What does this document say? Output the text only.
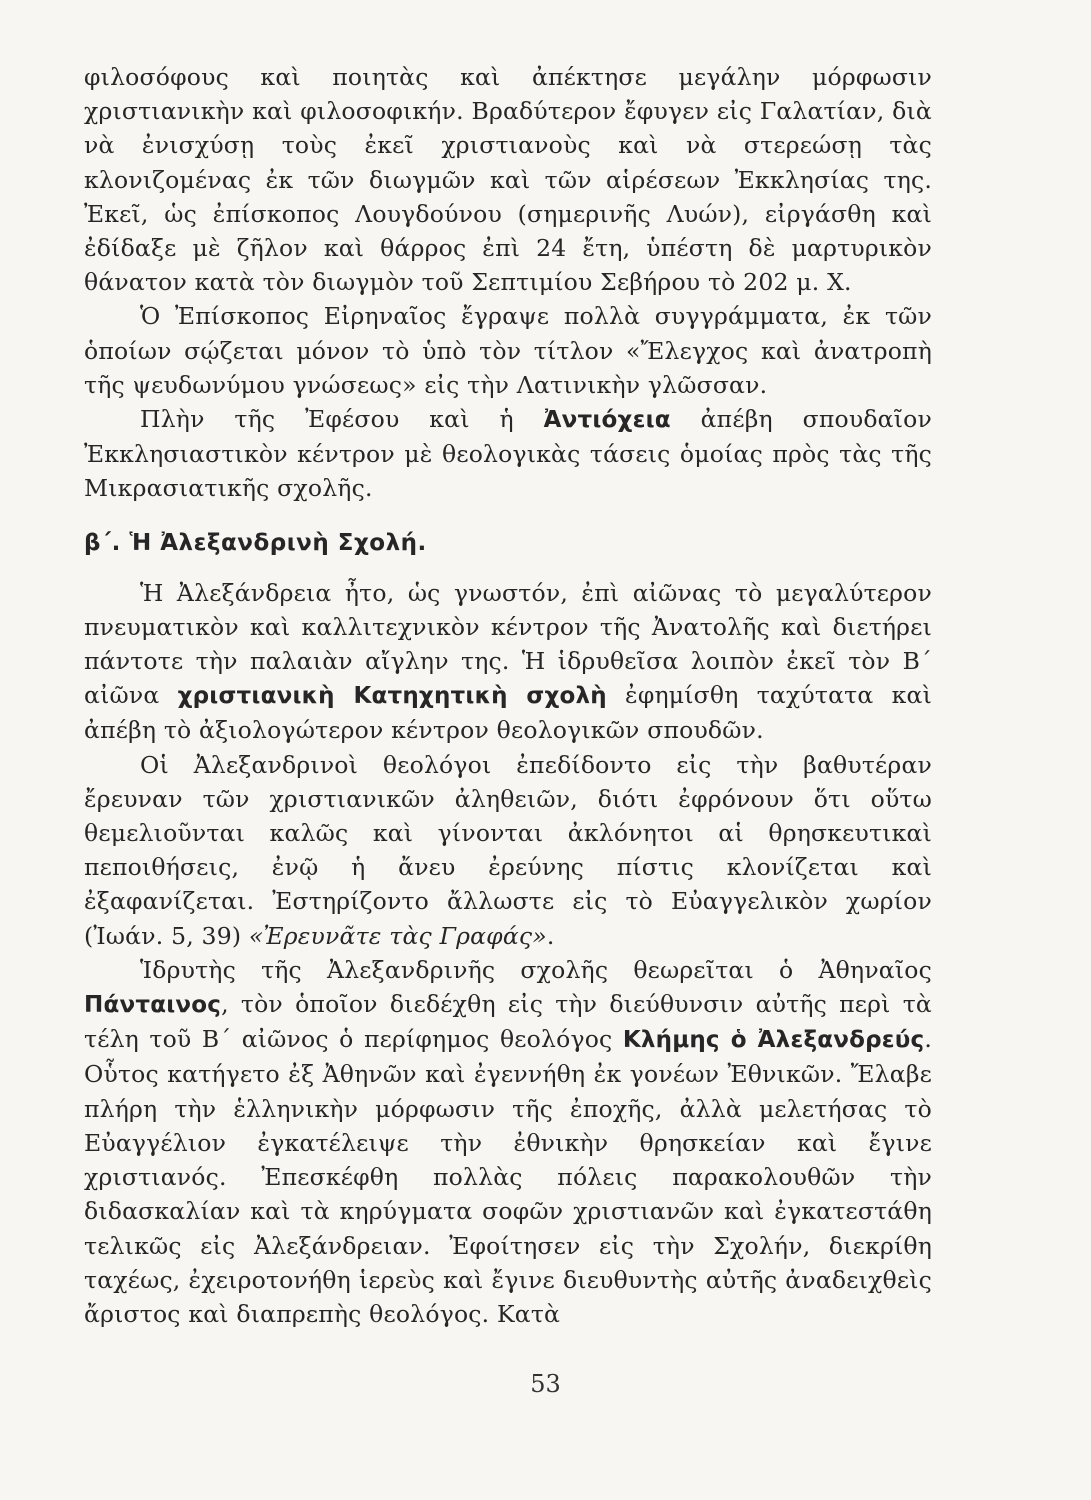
φιλοσόφους καὶ ποιητὰς καὶ ἀπέκτησε μεγάλην μόρφωσιν χριστιανικὴν καὶ φιλοσοφικήν. Βραδύτερον ἔφυγεν εἰς Γαλατίαν, διὰ νὰ ἐνισχύσῃ τοὺς ἐκεῖ χριστιανοὺς καὶ νὰ στερεώσῃ τὰς κλονιζομένας ἐκ τῶν διωγμῶν καὶ τῶν αἱρέσεων Ἐκκλησίας της. Ἐκεῖ, ὡς ἐπίσκοπος Λουγδούνου (σημερινῆς Λυών), εἰργάσθη καὶ ἐδίδαξε μὲ ζῆλον καὶ θάρρος ἐπὶ 24 ἔτη, ὑπέστη δὲ μαρτυρικὸν θάνατον κατὰ τὸν διωγμὸν τοῦ Σεπτιμίου Σεβήρου τὸ 202 μ. Χ.

Ὁ Ἐπίσκοπος Εἰρηναῖος ἔγραψε πολλὰ συγγράμματα, ἐκ τῶν ὁποίων σῴζεται μόνον τὸ ὑπὸ τὸν τίτλον «Ἔλεγχος καὶ ἀνατροπὴ τῆς ψευδωνύμου γνώσεως» εἰς τὴν Λατινικὴν γλῶσσαν.

Πλὴν τῆς Ἐφέσου καὶ ἡ Ἀντιόχεια ἀπέβη σπουδαῖον Ἐκκλησιαστικὸν κέντρον μὲ θεολογικὰς τάσεις ὁμοίας πρὸς τὰς τῆς Μικρασιατικῆς σχολῆς.

β΄. Ἡ Ἀλεξανδρινὴ Σχολή.

Ἡ Ἀλεξάνδρεια ἦτο, ὡς γνωστόν, ἐπὶ αἰῶνας τὸ μεγαλύτερον πνευματικὸν καὶ καλλιτεχνικὸν κέντρον τῆς Ἀνατολῆς καὶ διετήρει πάντοτε τὴν παλαιὰν αἴγλην της. Ἡ ἱδρυθεῖσα λοιπὸν ἐκεῖ τὸν Β΄ αἰῶνα χριστιανικὴ Κατηχητικὴ σχολὴ ἐφημίσθη ταχύτατα καὶ ἀπέβη τὸ ἀξιολογώτερον κέντρον θεολογικῶν σπουδῶν.

Οἱ Ἀλεξανδρινοὶ θεολόγοι ἐπεδίδοντο εἰς τὴν βαθυτέραν ἔρευναν τῶν χριστιανικῶν ἀληθειῶν, διότι ἐφρόνουν ὅτι οὕτω θεμελιοῦνται καλῶς καὶ γίνονται ἀκλόνητοι αἱ θρησκευτικαὶ πεποιθήσεις, ἐνῷ ἡ ἄνευ ἐρεύνης πίστις κλονίζεται καὶ ἐξαφανίζεται. Ἐστηρίζοντο ἄλλωστε εἰς τὸ Εὐαγγελικὸν χωρίον (Ἰωάν. 5, 39) «Ἐρευνᾶτε τὰς Γραφάς».

Ἱδρυτὴς τῆς Ἀλεξανδρινῆς σχολῆς θεωρεῖται ὁ Ἀθηναῖος Πάνταινος, τὸν ὁποῖον διεδέχθη εἰς τὴν διεύθυνσιν αὐτῆς περὶ τὰ τέλη τοῦ Β΄ αἰῶνος ὁ περίφημος θεολόγος Κλήμης ὁ Ἀλεξανδρεύς. Οὗτος κατήγετο ἐξ Ἀθηνῶν καὶ ἐγεννήθη ἐκ γονέων Ἐθνικῶν. Ἔλαβε πλήρη τὴν ἑλληνικὴν μόρφωσιν τῆς ἐποχῆς, ἀλλὰ μελετήσας τὸ Εὐαγγέλιον ἐγκατέλειψε τὴν ἐθνικὴν θρησκείαν καὶ ἔγινε χριστιανός. Ἐπεσκέφθη πολλὰς πόλεις παρακολουθῶν τὴν διδασκαλίαν καὶ τὰ κηρύγματα σοφῶν χριστιανῶν καὶ ἐγκατεστάθη τελικῶς εἰς Ἀλεξάνδρειαν. Ἐφοίτησεν εἰς τὴν Σχολήν, διεκρίθη ταχέως, ἐχειροτονήθη ἱερεὺς καὶ ἔγινε διευθυντὴς αὐτῆς ἀναδειχθεὶς ἄριστος καὶ διαπρεπὴς θεολόγος. Κατὰ

53
